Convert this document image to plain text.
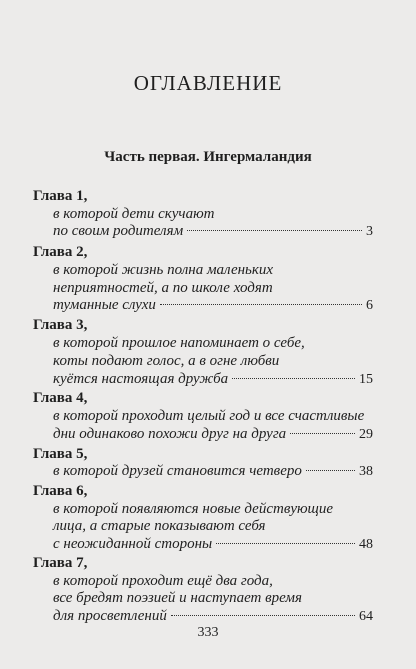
ОГЛАВЛЕНИЕ
Часть первая. Ингермаландия
Глава 1,
в которой дети скучают
по своим родителям	3
Глава 2,
в которой жизнь полна маленьких
неприятностей, а по школе ходят
туманные слухи	6
Глава 3,
в которой прошлое напоминает о себе,
коты подают голос, а в огне любви
куётся настоящая дружба	15
Глава 4,
в которой проходит целый год и все счастливые
дни одинаково похожи друг на друга	29
Глава 5,
в которой друзей становится четверо	38
Глава 6,
в которой появляются новые действующие
лица, а старые показывают себя
с неожиданной стороны	48
Глава 7,
в которой проходит ещё два года,
все бредят поэзией и наступает время
для просветлений	64
333
